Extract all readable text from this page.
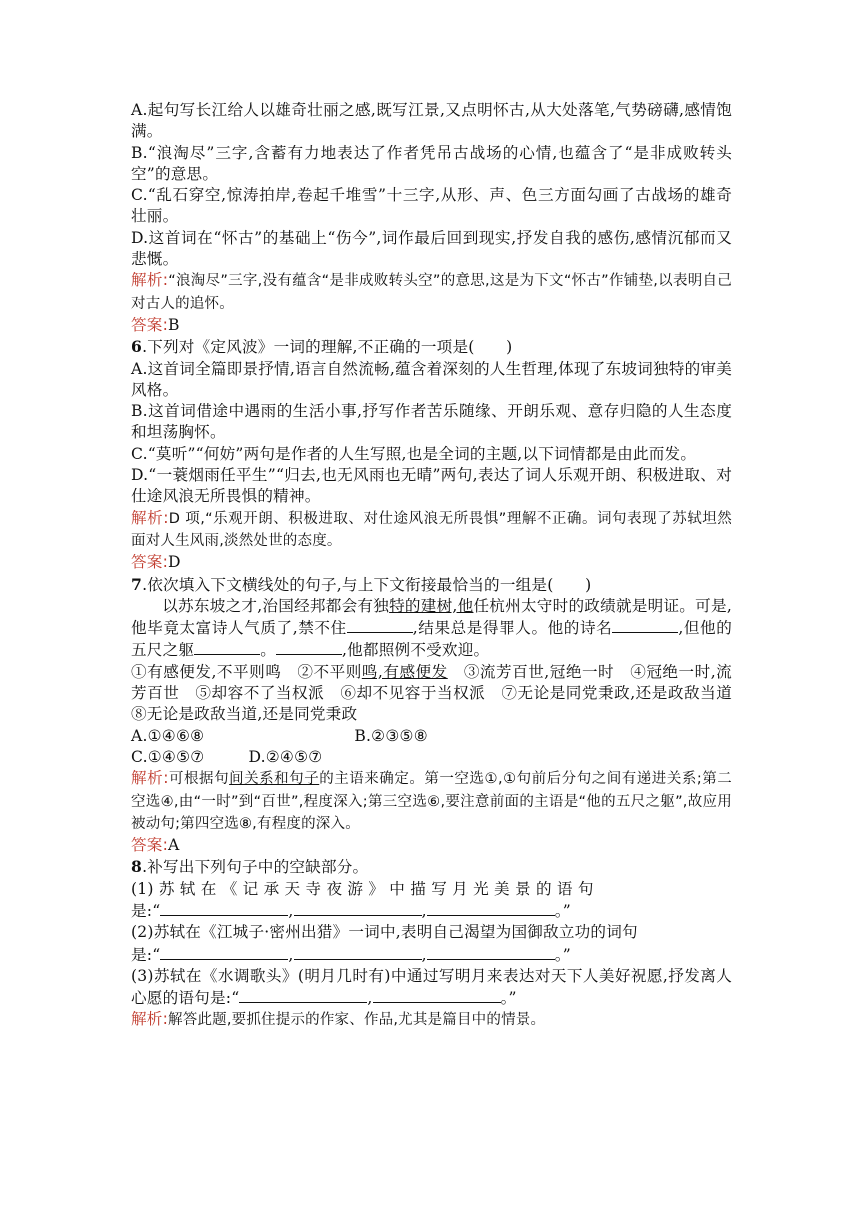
A.起句写长江给人以雄奇壮丽之感,既写江景,又点明怀古,从大处落笔,气势磅礴,感情饱满。

B.“浪淘尽”三字,含蓄有力地表达了作者凭吊古战场的心情,也蕴含了“是非成败转头空”的意思。

C.“乱石穿空,惊涛拍岸,卷起千堆雪”十三字,从形、声、色三方面勾画了古战场的雄奇壮丽。

D.这首词在“怀古”的基础上“伤今”,词作最后回到现实,抒发自我的感伤,感情沉郁而又悲慨。

解析:“浪淘尽”三字,没有蕴含“是非成败转头空”的意思,这是为下文“怀古”作铺垫,以表明自己对古人的追怀。

答案:B

6.下列对《定风波》一词的理解,不正确的一项是(　　)

A.这首词全篇即景抒情,语言自然流畅,蕴含着深刻的人生哲理,体现了东坡词独特的审美风格。

B.这首词借途中遇雨的生活小事,抒写作者苦乐随缘、开朗乐观、意存归隐的人生态度和坦荡胸怀。

C.“莫听”“何妨”两句是作者的人生写照,也是全词的主题,以下词情都是由此而发。

D.“一蓑烟雨任平生”“归去,也无风雨也无晴”两句,表达了词人乐观开朗、积极进取、对仕途风浪无所畏惧的精神。

解析:D 项,“乐观开朗、积极进取、对仕途风浪无所畏惧”理解不正确。词句表现了苏轼坦然面对人生风雨,淡然处世的态度。

答案:D

7.依次填入下文横线处的句子,与上下文衔接最恰当的一组是(　　)

以苏东坡之才,治国经邦都会有独特的建树,他任杭州太守时的政绩就是明证。可是,他毕竟太富诗人气质了,禁不住	,结果总是得罪人。他的诗名	,但他的五尺之躯	。	,他都照例不受欢迎。

①有感便发,不平则鸣　②不平则鸣,有感便发　③流芳百世,冠绝一时　④冠绝一时,流芳百世　⑤却容不了当权派　⑥却不见容于当权派　⑦无论是同党秉政,还是政敌当道　⑧无论是政敌当道,还是同党秉政

A.①④⑥⑧	B.②③⑤⑧

C.①④⑤⑦	D.②④⑤⑦

解析:可根据句间关系和句子的主语来确定。第一空选①,①句前后分句之间有递进关系;第二空选④,由“一时”到“百世”,程度深入;第三空选⑥,要注意前面的主语是“他的五尺之躯”,故应用被动句;第四空选⑧,有程度的深入。

答案:A

8.补写出下列句子中的空缺部分。

(1) 苏 轼 在 《 记 承 天 寺 夜 游 》 中 描 写 月 光 美 景 的 语 句

是:“	,	,	。”

(2)苏轼在《江城子·密州出猎》一词中,表明自己渴望为国御敌立功的词句

是:“	,	,	。”

(3)苏轼在《水调歌头》(明月几时有)中通过写明月来表达对天下人美好祝愿,抒发离人心愿的语句是:“	,	。”

解析:解答此题,要抓住提示的作家、作品,尤其是篇目中的情景。
